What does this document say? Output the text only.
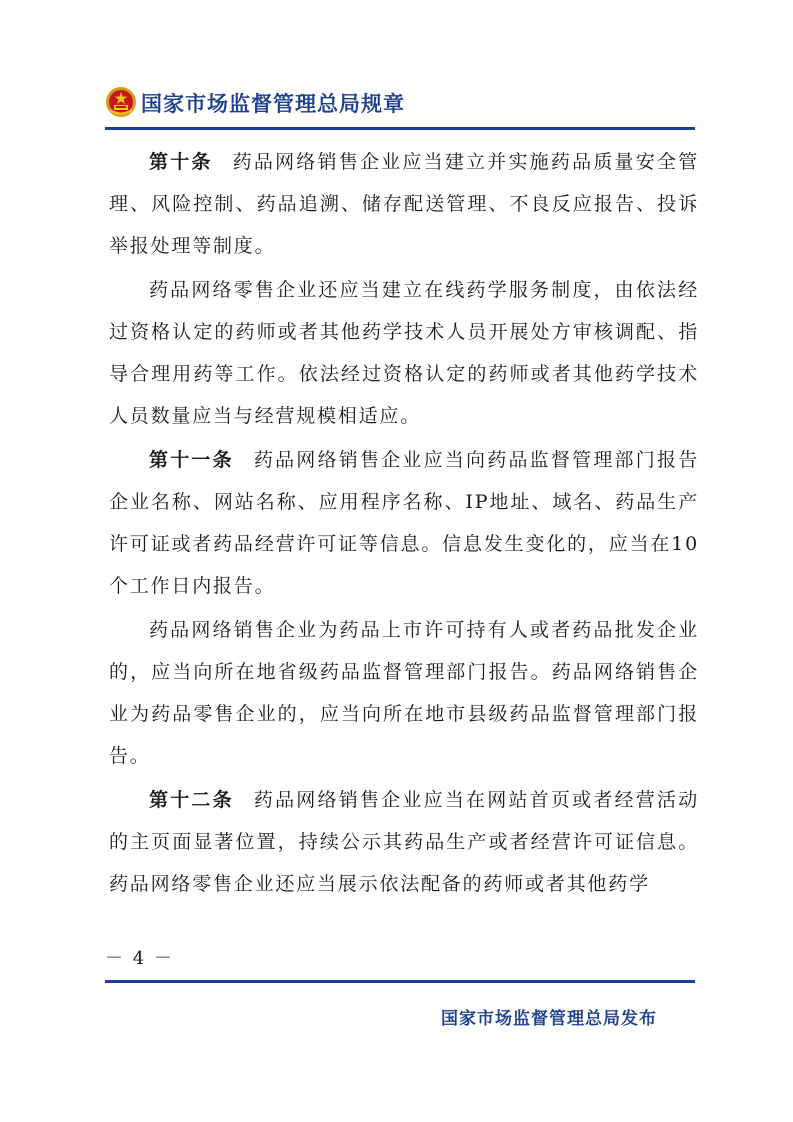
国家市场监督管理总局规章

第十条 药品网络销售企业应当建立并实施药品质量安全管理、风险控制、药品追溯、储存配送管理、不良反应报告、投诉举报处理等制度。

药品网络零售企业还应当建立在线药学服务制度，由依法经过资格认定的药师或者其他药学技术人员开展处方审核调配、指导合理用药等工作。依法经过资格认定的药师或者其他药学技术人员数量应当与经营规模相适应。

第十一条 药品网络销售企业应当向药品监督管理部门报告企业名称、网站名称、应用程序名称、IP地址、域名、药品生产许可证或者药品经营许可证等信息。信息发生变化的，应当在10个工作日内报告。

药品网络销售企业为药品上市许可持有人或者药品批发企业的，应当向所在地省级药品监督管理部门报告。药品网络销售企业为药品零售企业的，应当向所在地市县级药品监督管理部门报告。

第十二条 药品网络销售企业应当在网站首页或者经营活动的主页面显著位置，持续公示其药品生产或者经营许可证信息。药品网络零售企业还应当展示依法配备的药师或者其他药学

－ 4 －
国家市场监督管理总局发布
